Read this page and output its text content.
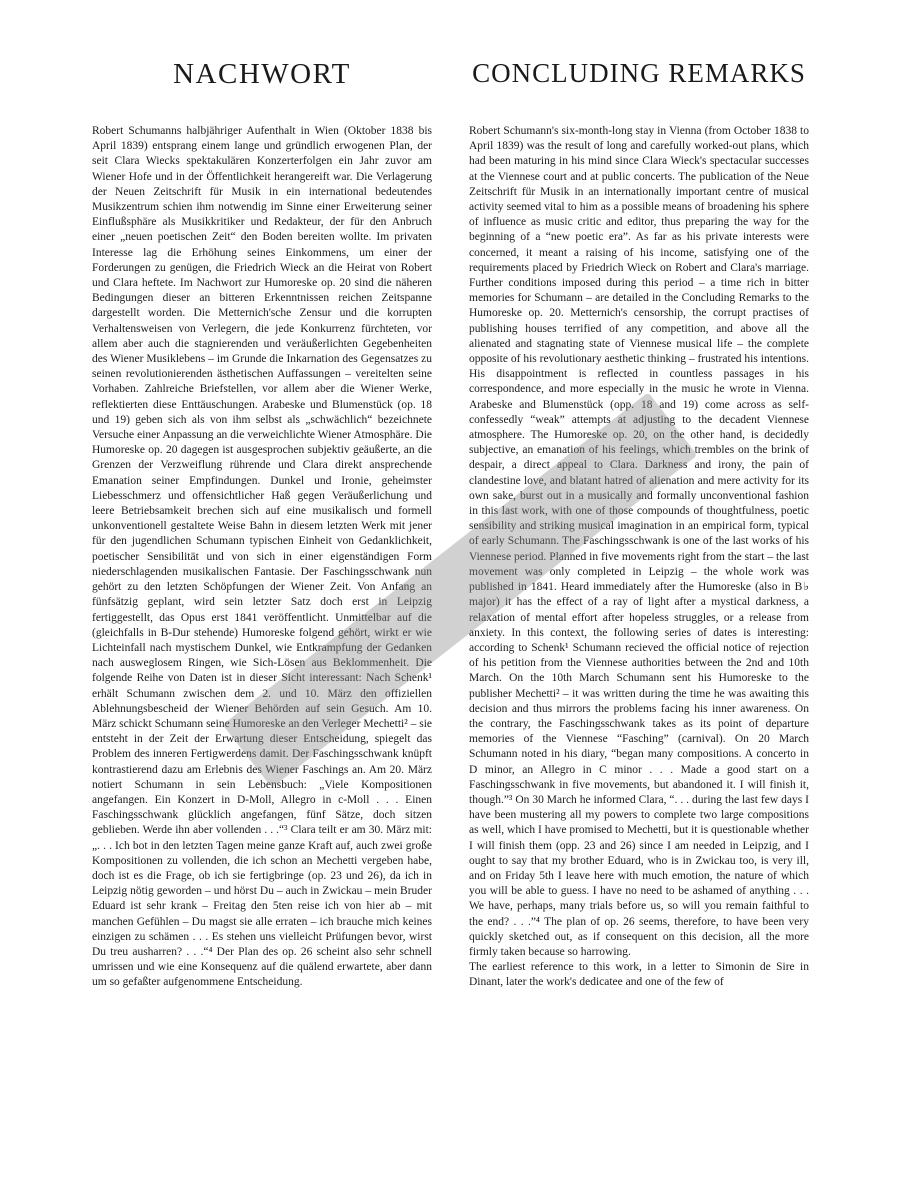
NACHWORT

Robert Schumanns halbjähriger Aufenthalt in Wien (Oktober 1838 bis April 1839) entsprang einem lange und gründlich erwogenen Plan, der seit Clara Wiecks spektakulären Konzerterfolgen ein Jahr zuvor am Wiener Hofe und in der Öffentlichkeit herangereift war. Die Verlagerung der Neuen Zeitschrift für Musik in ein international bedeutendes Musikzentrum schien ihm notwendig im Sinne einer Erweiterung seiner Einflußsphäre als Musikkritiker und Redakteur, der für den Anbruch einer „neuen poetischen Zeit“ den Boden bereiten wollte. Im privaten Interesse lag die Erhöhung seines Einkommens, um einer der Forderungen zu genügen, die Friedrich Wieck an die Heirat von Robert und Clara heftete. Im Nachwort zur Humoreske op. 20 sind die näheren Bedingungen dieser an bitteren Erkenntnissen reichen Zeitspanne dargestellt worden. Die Metternich'sche Zensur und die korrupten Verhaltensweisen von Verlegern, die jede Konkurrenz fürchteten, vor allem aber auch die stagnierenden und veräußerlichten Gegebenheiten des Wiener Musiklebens – im Grunde die Inkarnation des Gegensatzes zu seinen revolutionierenden ästhetischen Auffassungen – vereitelten seine Vorhaben. Zahlreiche Briefstellen, vor allem aber die Wiener Werke, reflektierten diese Enttäuschungen. Arabeske und Blumenstück (op. 18 und 19) geben sich als von ihm selbst als „schwächlich“ bezeichnete Versuche einer Anpassung an die verweichlichte Wiener Atmosphäre. Die Humoreske op. 20 dagegen ist ausgesprochen subjektiv geäußerte, an die Grenzen der Verzweiflung rührende und Clara direkt ansprechende Emanation seiner Empfindungen. Dunkel und Ironie, geheimster Liebesschmerz und offensichtlicher Haß gegen Veräußerlichung und leere Betriebsamkeit brechen sich auf eine musikalisch und formell unkonventionell gestaltete Weise Bahn in diesem letzten Werk mit jener für den jugendlichen Schumann typischen Einheit von Gedanklichkeit, poetischer Sensibilität und von sich in einer eigenständigen Form niederschlagenden musikalischen Fantasie. Der Faschingsschwank nun gehört zu den letzten Schöpfungen der Wiener Zeit. Von Anfang an fünfsätzig geplant, wird sein letzter Satz doch erst in Leipzig fertiggestellt, das Opus erst 1841 veröffentlicht. Unmittelbar auf die (gleichfalls in B-Dur stehende) Humoreske folgend gehört, wirkt er wie Lichteinfall nach mystischem Dunkel, wie Entkrampfung der Gedanken nach ausweglosem Ringen, wie Sich-Lösen aus Beklommenheit. Die folgende Reihe von Daten ist in dieser Sicht interessant: Nach Schenk¹ erhält Schumann zwischen dem 2. und 10. März den offiziellen Ablehnungsbescheid der Wiener Behörden auf sein Gesuch. Am 10. März schickt Schumann seine Humoreske an den Verleger Mechetti² – sie entsteht in der Zeit der Erwartung dieser Entscheidung, spiegelt das Problem des inneren Fertigwerdens damit. Der Faschingsschwank knüpft kontrastierend dazu am Erlebnis des Wiener Faschings an. Am 20. März notiert Schumann in sein Lebensbuch: „Viele Kompositionen angefangen. Ein Konzert in D-Moll, Allegro in c-Moll . . . Einen Faschingsschwank glücklich angefangen, fünf Sätze, doch sitzen geblieben. Werde ihn aber vollenden . . .“³ Clara teilt er am 30. März mit: „. . . Ich bot in den letzten Tagen meine ganze Kraft auf, auch zwei große Kompositionen zu vollenden, die ich schon an Mechetti vergeben habe, doch ist es die Frage, ob ich sie fertigbringe (op. 23 und 26), da ich in Leipzig nötig geworden – und hörst Du – auch in Zwickau – mein Bruder Eduard ist sehr krank – Freitag den 5ten reise ich von hier ab – mit manchen Gefühlen – Du magst sie alle erraten – ich brauche mich keines einzigen zu schämen . . . Es stehen uns vielleicht Prüfungen bevor, wirst Du treu ausharren? . . .“⁴ Der Plan des op. 26 scheint also sehr schnell umrissen und wie eine Konsequenz auf die quälend erwartete, aber dann um so gefaßter aufgenommene Entscheidung.

CONCLUDING REMARKS

Robert Schumann's six-month-long stay in Vienna (from October 1838 to April 1839) was the result of long and carefully worked-out plans, which had been maturing in his mind since Clara Wieck's spectacular successes at the Viennese court and at public concerts. The publication of the Neue Zeitschrift für Musik in an internationally important centre of musical activity seemed vital to him as a possible means of broadening his sphere of influence as music critic and editor, thus preparing the way for the beginning of a “new poetic era”. As far as his private interests were concerned, it meant a raising of his income, satisfying one of the requirements placed by Friedrich Wieck on Robert and Clara's marriage. Further conditions imposed during this period – a time rich in bitter memories for Schumann – are detailed in the Concluding Remarks to the Humoreske op. 20. Metternich's censorship, the corrupt practises of publishing houses terrified of any competition, and above all the alienated and stagnating state of Viennese musical life – the complete opposite of his revolutionary aesthetic thinking – frustrated his intentions. His disappointment is reflected in countless passages in his correspondence, and more especially in the music he wrote in Vienna. Arabeske and Blumenstück (opp. 18 and 19) come across as self-confessedly “weak” attempts at adjusting to the decadent Viennese atmosphere. The Humoreske op. 20, on the other hand, is decidedly subjective, an emanation of his feelings, which trembles on the brink of despair, a direct appeal to Clara. Darkness and irony, the pain of clandestine love, and blatant hatred of alienation and mere activity for its own sake, burst out in a musically and formally unconventional fashion in this last work, with one of those compounds of thoughtfulness, poetic sensibility and striking musical imagination in an empirical form, typical of early Schumann. The Faschingsschwank is one of the last works of his Viennese period. Planned in five movements right from the start – the last movement was only completed in Leipzig – the whole work was published in 1841. Heard immediately after the Humoreske (also in B♭ major) it has the effect of a ray of light after a mystical darkness, a relaxation of mental effort after hopeless struggles, or a release from anxiety. In this context, the following series of dates is interesting: according to Schenk¹ Schumann recieved the official notice of rejection of his petition from the Viennese authorities between the 2nd and 10th March. On the 10th March Schumann sent his Humoreske to the publisher Mechetti² – it was written during the time he was awaiting this decision and thus mirrors the problems facing his inner awareness. On the contrary, the Faschingsschwank takes as its point of departure memories of the Viennese “Fasching” (carnival). On 20 March Schumann noted in his diary, “began many compositions. A concerto in D minor, an Allegro in C minor . . . Made a good start on a Faschingsschwank in five movements, but abandoned it. I will finish it, though.”³ On 30 March he informed Clara, “. . . during the last few days I have been mustering all my powers to complete two large compositions as well, which I have promised to Mechetti, but it is questionable whether I will finish them (opp. 23 and 26) since I am needed in Leipzig, and I ought to say that my brother Eduard, who is in Zwickau too, is very ill, and on Friday 5th I leave here with much emotion, the nature of which you will be able to guess. I have no need to be ashamed of anything . . . We have, perhaps, many trials before us, so will you remain faithful to the end? . . .”⁴ The plan of op. 26 seems, therefore, to have been very quickly sketched out, as if consequent on this decision, all the more firmly taken because so harrowing.

The earliest reference to this work, in a letter to Simonin de Sire in Dinant, later the work's dedicatee and one of the few of
